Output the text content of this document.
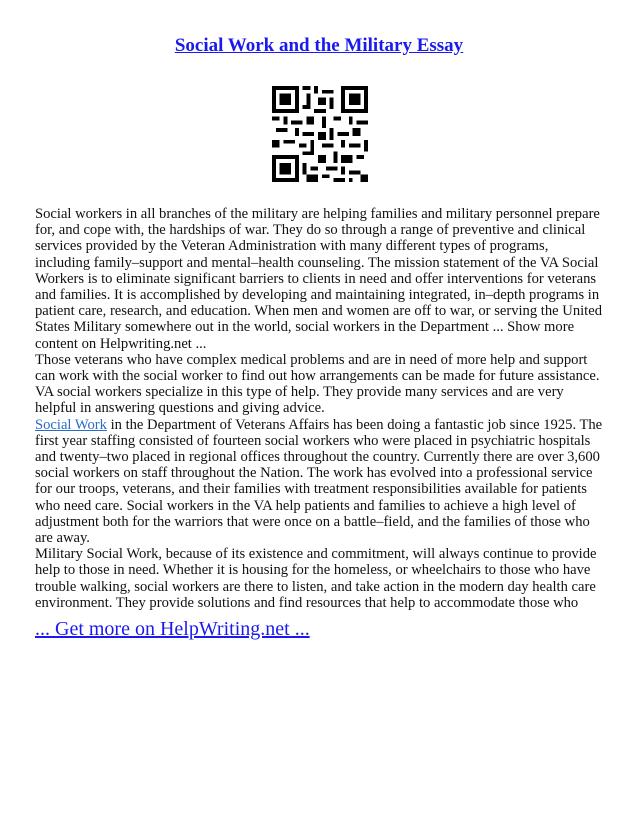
Social Work and the Military Essay

Social workers in all branches of the military are helping families and military personnel prepare for, and cope with, the hardships of war. They do so through a range of preventive and clinical services provided by the Veteran Administration with many different types of programs, including family–support and mental–health counseling. The mission statement of the VA Social Workers is to eliminate significant barriers to clients in need and offer interventions for veterans and families. It is accomplished by developing and maintaining integrated, in–depth programs in patient care, research, and education. When men and women are off to war, or serving the United States Military somewhere out in the world, social workers in the Department ... Show more content on Helpwriting.net ...

Those veterans who have complex medical problems and are in need of more help and support can work with the social worker to find out how arrangements can be made for future assistance. VA social workers specialize in this type of help. They provide many services and are very helpful in answering questions and giving advice.

Social Work in the Department of Veterans Affairs has been doing a fantastic job since 1925. The first year staffing consisted of fourteen social workers who were placed in psychiatric hospitals and twenty–two placed in regional offices throughout the country. Currently there are over 3,600 social workers on staff throughout the Nation. The work has evolved into a professional service for our troops, veterans, and their families with treatment responsibilities available for patients who need care. Social workers in the VA help patients and families to achieve a high level of adjustment both for the warriors that were once on a battle–field, and the families of those who are away.

Military Social Work, because of its existence and commitment, will always continue to provide help to those in need. Whether it is housing for the homeless, or wheelchairs to those who have trouble walking, social workers are there to listen, and take action in the modern day health care environment. They provide solutions and find resources that help to accommodate those who

... Get more on HelpWriting.net ...
